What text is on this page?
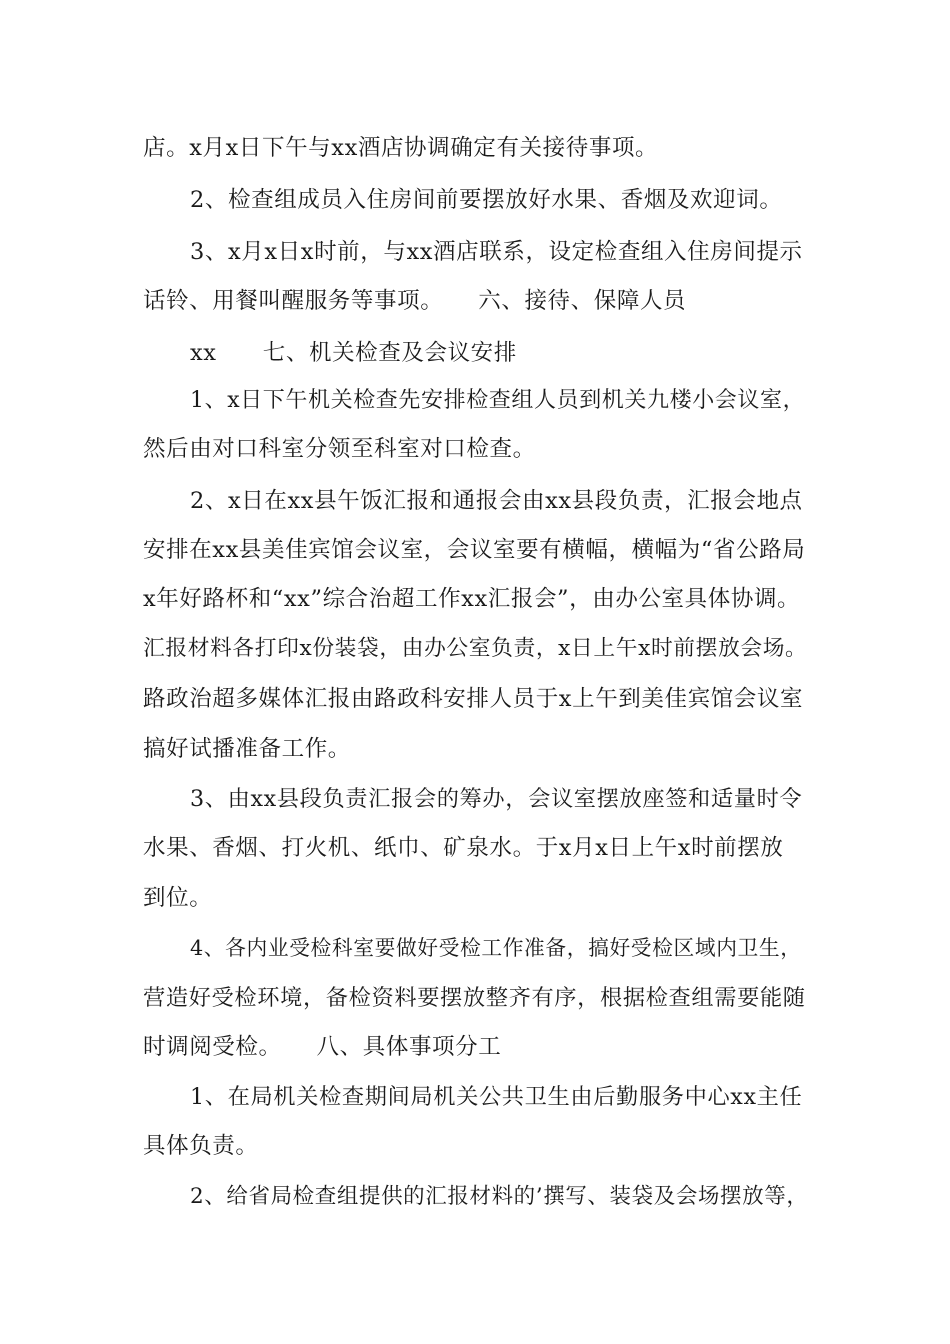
店。x月x日下午与xx酒店协调确定有关接待事项。
2、检查组成员入住房间前要摆放好水果、香烟及欢迎词。
3、x月x日x时前，与xx酒店联系，设定检查组入住房间提示
话铃、用餐叫醒服务等事项。　　六、接待、保障人员
xx　　七、机关检查及会议安排
1、x日下午机关检查先安排检查组人员到机关九楼小会议室，
然后由对口科室分领至科室对口检查。
2、x日在xx县午饭汇报和通报会由xx县段负责，汇报会地点
安排在xx县美佳宾馆会议室，会议室要有横幅，横幅为“省公路局
x年好路杯和“xx”综合治超工作xx汇报会”，由办公室具体协调。
汇报材料各打印x份装袋，由办公室负责，x日上午x时前摆放会场。
路政治超多媒体汇报由路政科安排人员于x上午到美佳宾馆会议室
搞好试播准备工作。
3、由xx县段负责汇报会的筹办，会议室摆放座签和适量时令
水果、香烟、打火机、纸巾、矿泉水。于x月x日上午x时前摆放
到位。
4、各内业受检科室要做好受检工作准备，搞好受检区域内卫生，
营造好受检环境，备检资料要摆放整齐有序，根据检查组需要能随
时调阅受检。　　八、具体事项分工
1、在局机关检查期间局机关公共卫生由后勤服务中心xx主任
具体负责。
2、给省局检查组提供的汇报材料的’撰写、装袋及会场摆放等，
